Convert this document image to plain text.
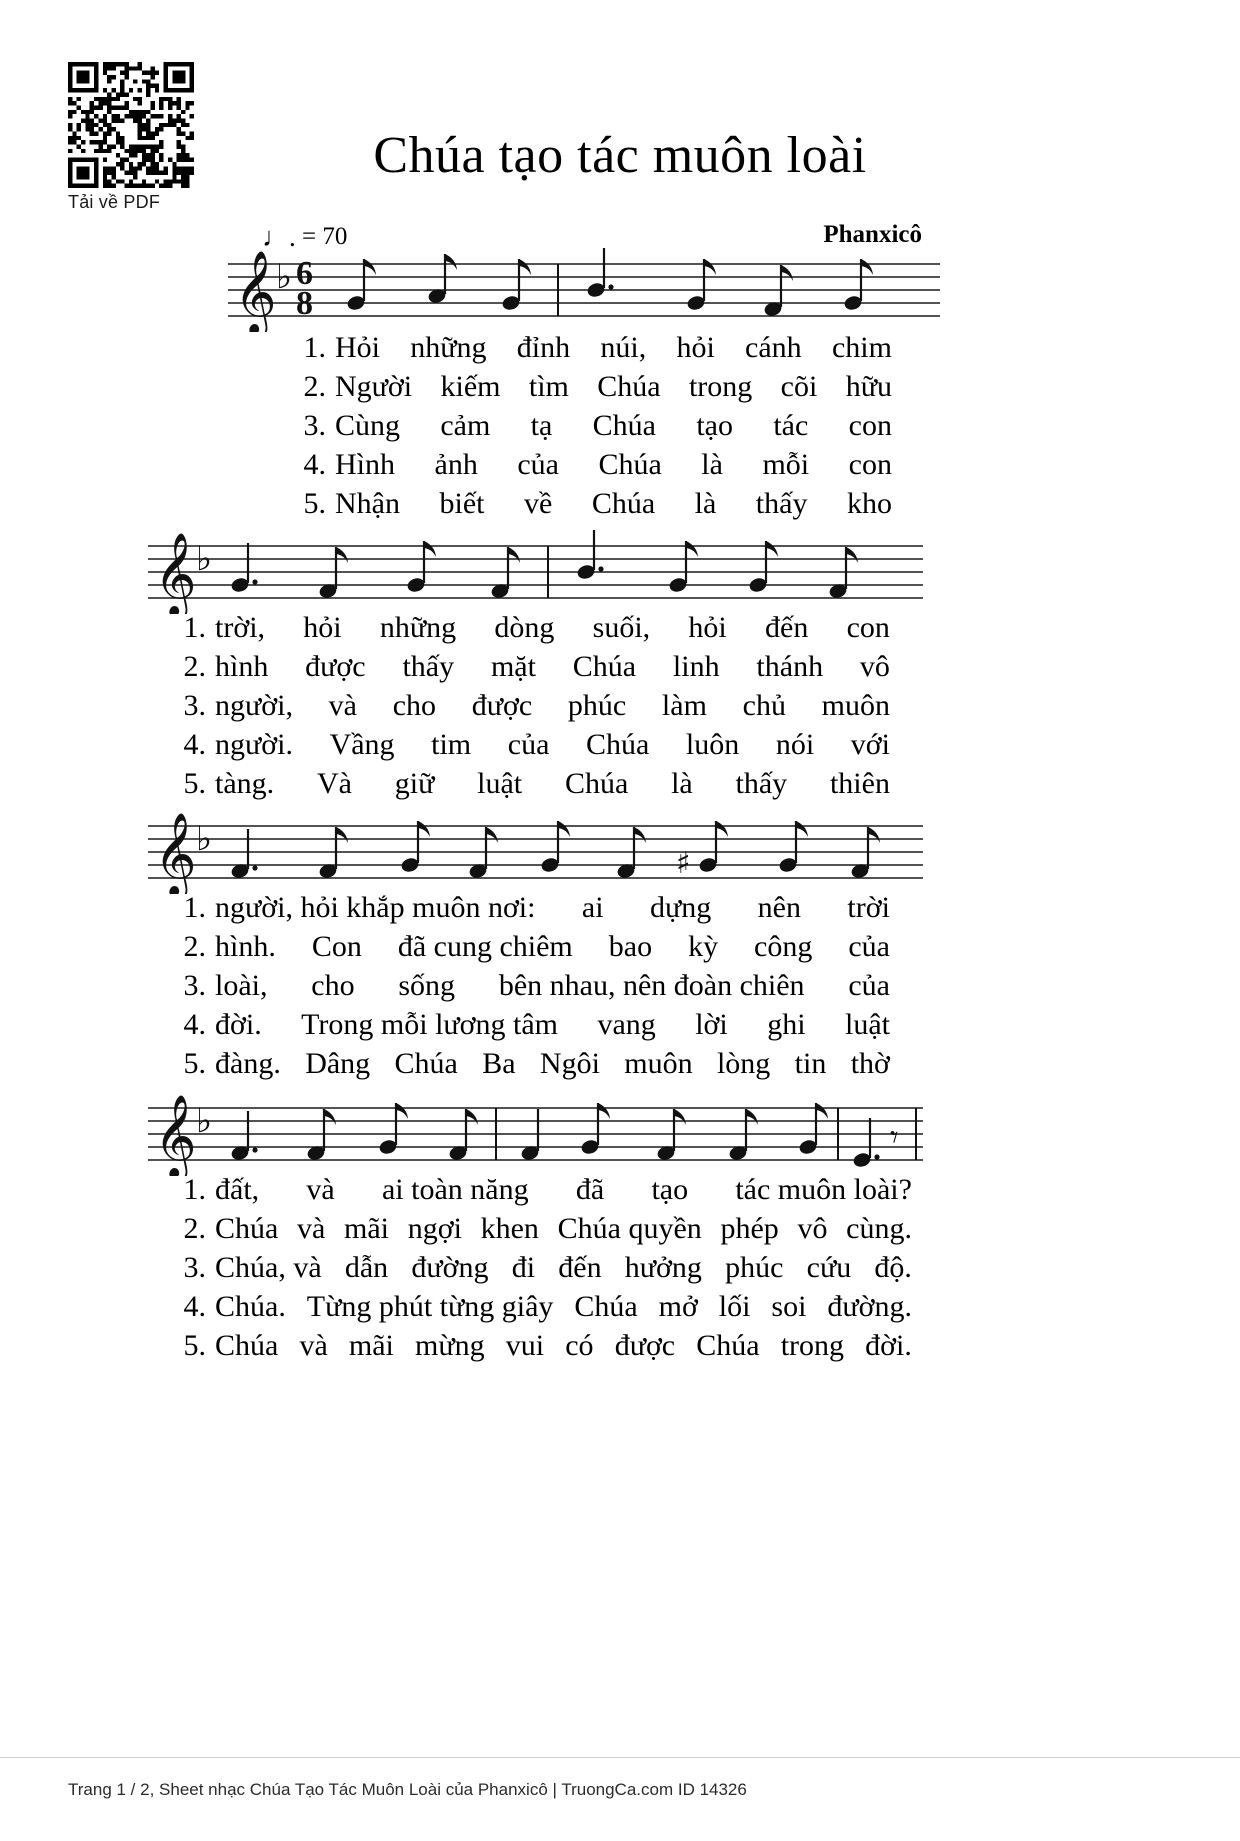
Tải về PDF
Chúa tạo tác muôn loài
♩. = 70	Phanxicô
𝄞 ♭ 6
8
1. Hỏi những đỉnh núi, hỏi cánh chim
2. Người kiếm tìm Chúa trong cõi hữu
3. Cùng cảm tạ Chúa tạo tác con
4. Hình ảnh của Chúa là mỗi con
5. Nhận biết về Chúa là thấy kho
𝄞 ♭
1. trời, hỏi những dòng suối, hỏi đến con
2. hình được thấy mặt Chúa linh thánh vô
3. người, và cho được phúc làm chủ muôn
4. người. Vầng tim của Chúa luôn nói với
5. tàng. Và giữ luật Chúa là thấy thiên
𝄞 ♭
♯
1. người, hỏi khắp muôn nơi: ai dựng nên trời
2. hình. Con đã cung chiêm bao kỳ công của
3. loài, cho sống bên nhau, nên đoàn chiên của
4. đời. Trong mỗi lương tâm vang lời ghi luật
5. đàng. Dâng Chúa Ba Ngôi muôn lòng tin thờ
𝄞 ♭	𝄾
1. đất, và ai toàn năng đã tạo tác muôn loài?
2. Chúa và mãi ngợi khen Chúa quyền phép vô cùng.
3. Chúa, và dẫn đường đi đến hưởng phúc cứu độ.
4. Chúa. Từng phút từng giây Chúa mở lối soi đường.
5. Chúa và mãi mừng vui có được Chúa trong đời.
Trang 1 / 2, Sheet nhạc Chúa Tạo Tác Muôn Loài của Phanxicô | TruongCa.com ID 14326
